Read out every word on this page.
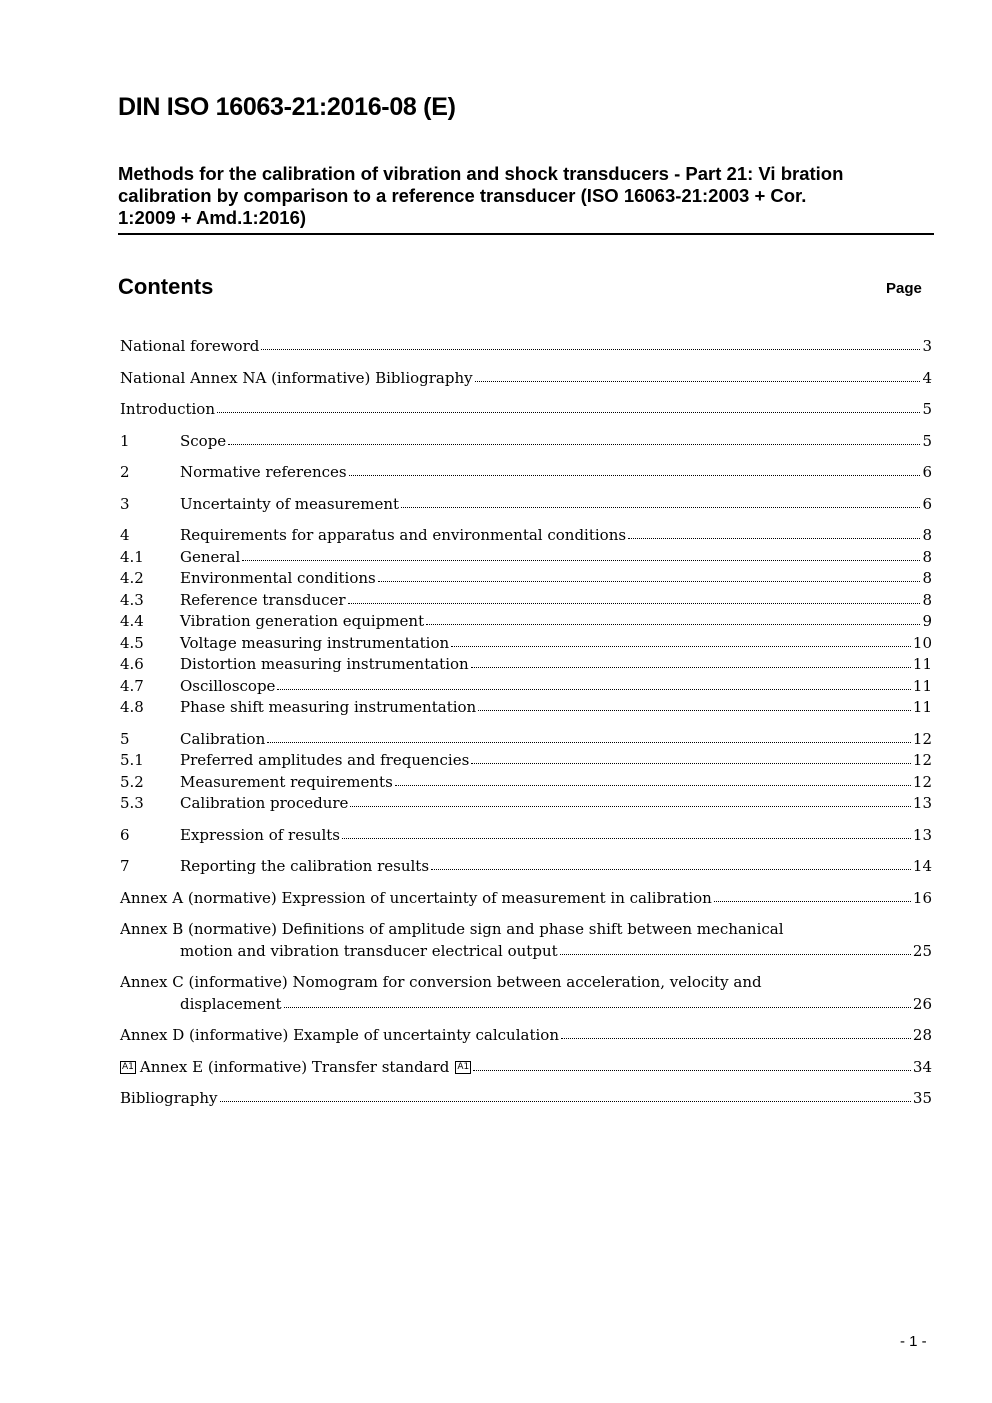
DIN ISO 16063-21:2016-08 (E)
Methods for the calibration of vibration and shock transducers - Part 21: Vi bration
calibration by comparison to a reference transducer (ISO 16063-21:2003 + Cor.
1:2009 + Amd.1:2016)
Contents	Page
National foreword	3
National Annex NA (informative) Bibliography	4
Introduction	5
1	Scope	5
2	Normative references	6
3	Uncertainty of measurement	6
4	Requirements for apparatus and environmental conditions	8
4.1 General	8
4.2 Environmental conditions	8
4.3 Reference transducer	8
4.4 Vibration generation equipment	9
4.5 Voltage measuring instrumentation	10
4.6 Distortion measuring instrumentation	11
4.7 Oscilloscope	11
4.8 Phase shift measuring instrumentation	11
5	Calibration	12
5.1 Preferred amplitudes and frequencies	12
5.2 Measurement requirements	12
5.3 Calibration procedure	13
6	Expression of results	13
7	Reporting the calibration results	14
Annex A (normative) Expression of uncertainty of measurement in calibration	16
Annex B (normative) Definitions of amplitude sign and phase shift between mechanical
motion and vibration transducer electrical output	25
Annex C (informative) Nomogram for conversion between acceleration, velocity and
displacement	26
Annex D (informative) Example of uncertainty calculation	28
A1 Annex E (informative) Transfer standard A1	34
Bibliography	35
- 1 -
